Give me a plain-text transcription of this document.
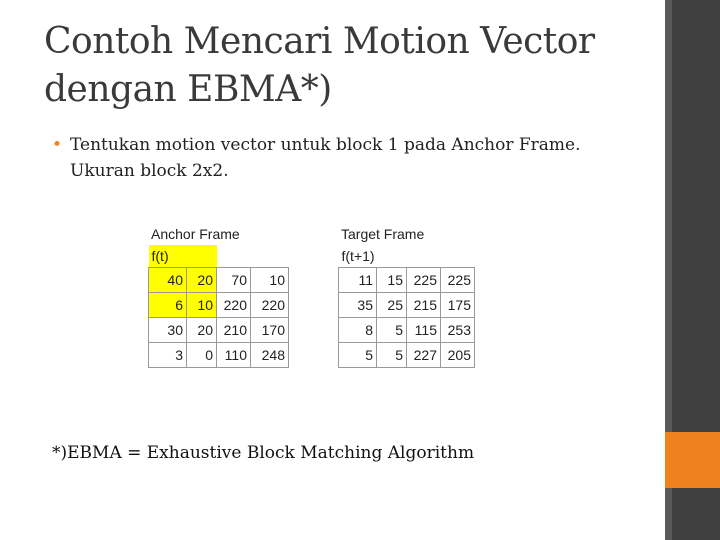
Contoh Mencari Motion Vector
dengan EBMA*)
• Tentukan motion vector untuk block 1 pada Anchor Frame. Ukuran block 2x2.
Anchor Frame
f(t)			
40	20	70	10
6	10	220	220
30	20	210	170
3	0	110	248
Target Frame
f(t+1)			
11	15	225	225
35	25	215	175
8	5	115	253
5	5	227	205
*)EBMA = Exhaustive Block Matching Algorithm
